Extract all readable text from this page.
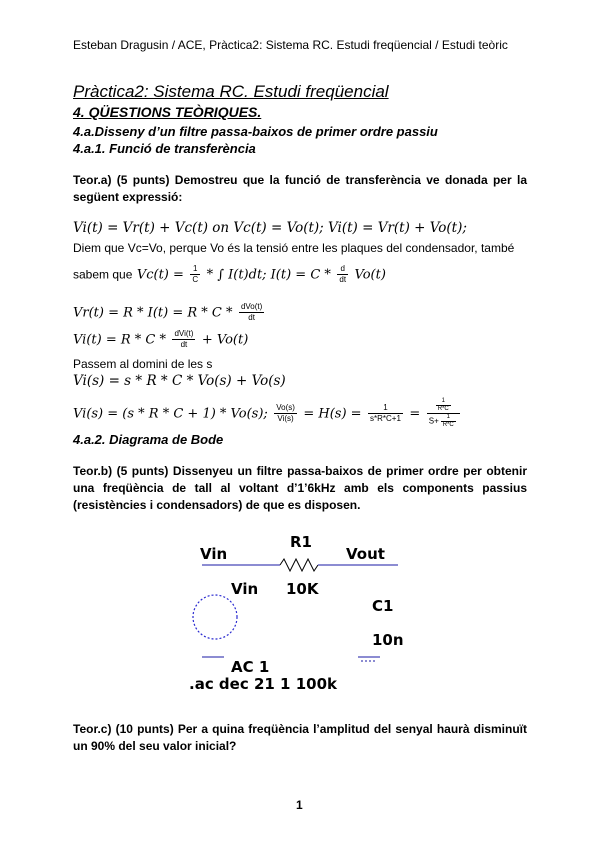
Esteban Dragusin / ACE, Pràctica2: Sistema RC. Estudi freqüencial / Estudi teòric
Pràctica2: Sistema RC. Estudi freqüencial
4. QÜESTIONS TEÒRIQUES.
4.a.Disseny d’un filtre passa-baixos de primer ordre passiu
4.a.1. Funció de transferència
Teor.a) (5 punts) Demostreu que la funció de transferència ve donada per la següent expressió:
Vi(t) = Vr(t) + Vc(t) on Vc(t) = Vo(t); Vi(t) = Vr(t) + Vo(t);
Diem que Vc=Vo, perque Vo és la tensió entre les plaques del condensador, també
sabem que $Vc(t) = \frac{1}{C}$ * ∫ I(t)dt; $I(t) = C * \frac{d}{dt} Vo(t)$
$Vr(t) = R * I(t) = R * C * \frac{\text{dVo(t)}}{dt}$
$Vi(t) = R * C * \frac{\text{dVi(t)}}{dt} + Vo(t)$
Passem al domini de les s
Vi(s) = s * R * C * Vo(s) + Vo(s)
Vi(s) = (s * R * C + 1) * Vo(s); $\frac{Vo(s)}{Vi(s)} = H(s) = \frac{1}{s*R*C+1} = \frac{\frac{1}{R*C}}{S+ \frac{1}{R*C}}$
4.a.2. Diagrama de Bode
Teor.b) (5 punts) Dissenyeu un filtre passa-baixos de primer ordre per obtenir una freqüència de tall al voltant d’1’6kHz amb els components passius (resistències i condensadors) de que es disposen.
Vin
R1
Vout
Vin 10K
C1
10n
AC 1
.ac dec 21 1 100k
Teor.c) (10 punts) Per a quina freqüència l’amplitud del senyal haurà disminuït un 90% del seu valor inicial?
1
